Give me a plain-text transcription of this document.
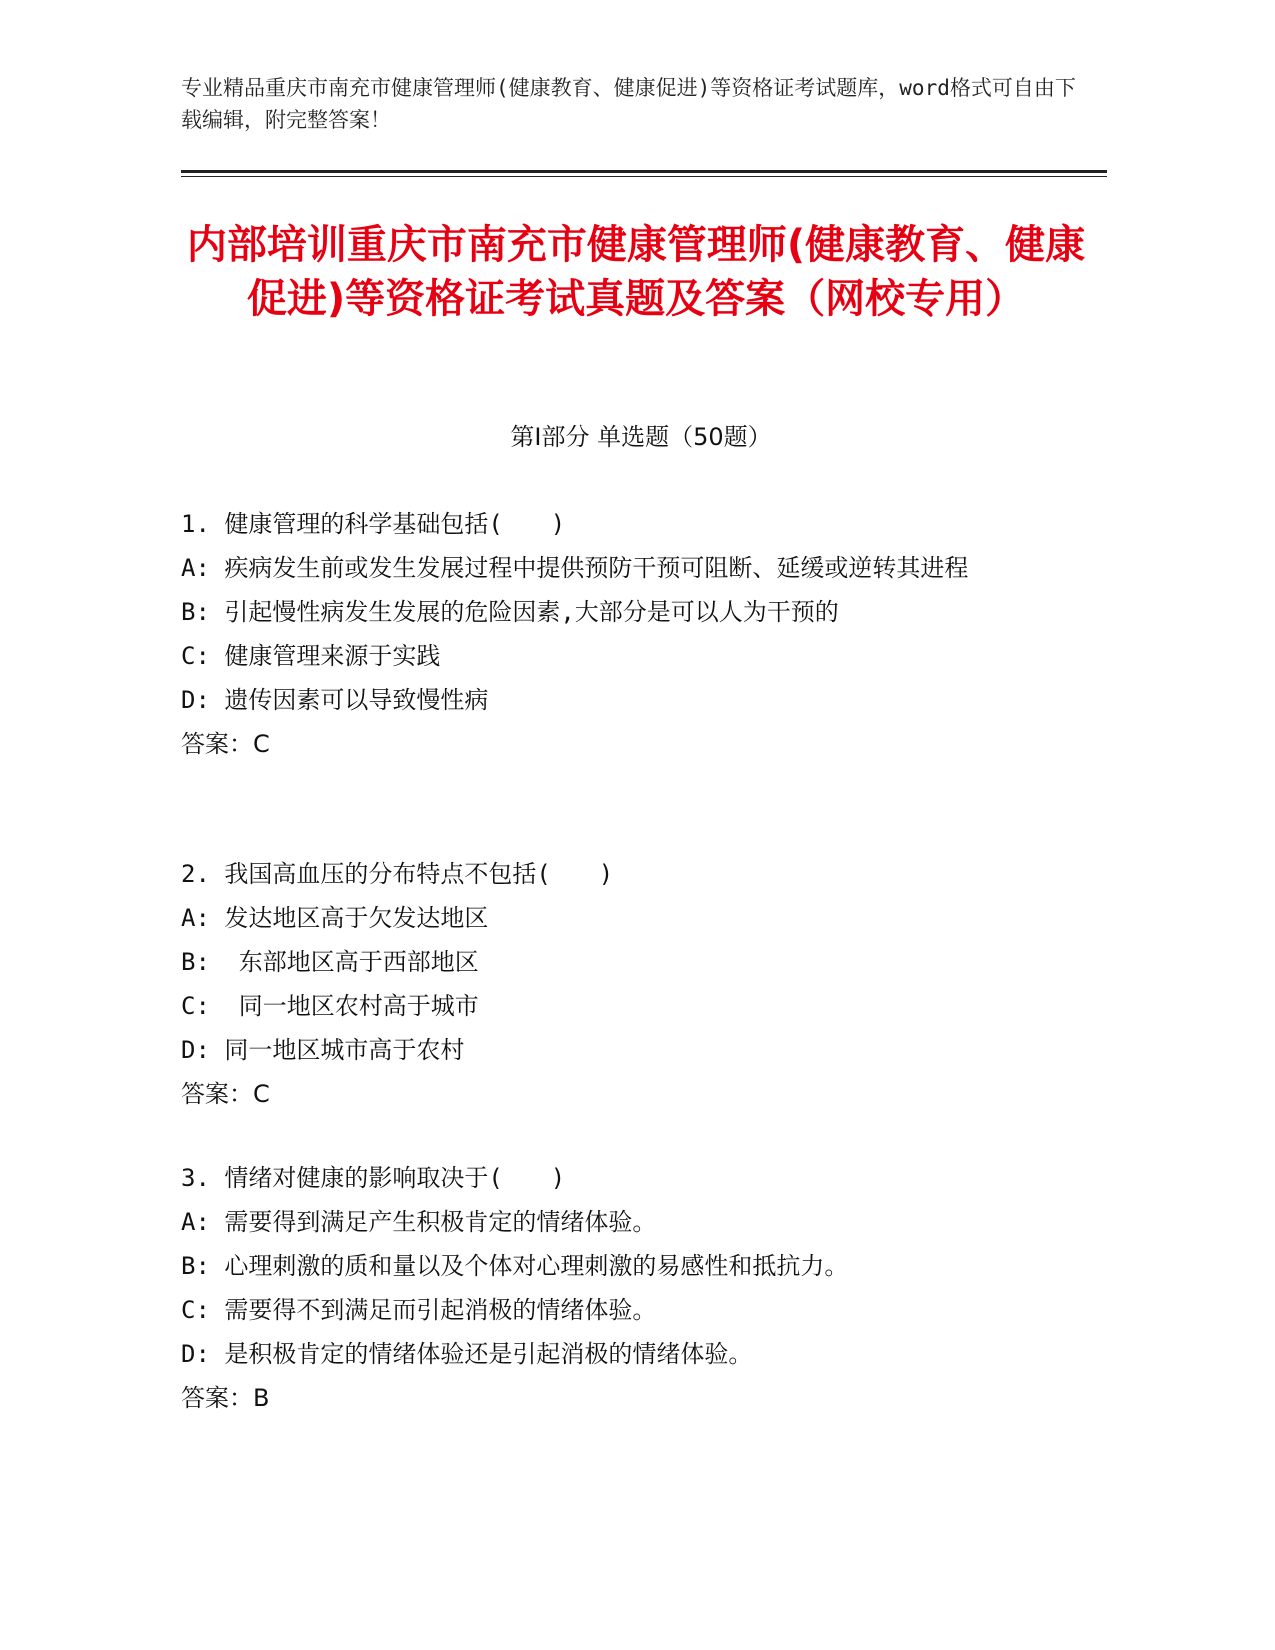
专业精品重庆市南充市健康管理师(健康教育、健康促进)等资格证考试题库，word格式可自由下载编辑，附完整答案！
内部培训重庆市南充市健康管理师(健康教育、健康促进)等资格证考试真题及答案（网校专用）
第Ⅰ部分 单选题（50题）
1. 健康管理的科学基础包括(　　)
A: 疾病发生前或发生发展过程中提供预防干预可阻断、延缓或逆转其进程
B: 引起慢性病发生发展的危险因素,大部分是可以人为干预的
C: 健康管理来源于实践
D: 遗传因素可以导致慢性病
答案：C
2. 我国高血压的分布特点不包括(　　)
A: 发达地区高于欠发达地区
B:  东部地区高于西部地区
C:  同一地区农村高于城市
D: 同一地区城市高于农村
答案：C
3. 情绪对健康的影响取决于(　　)
A: 需要得到满足产生积极肯定的情绪体验。
B: 心理刺激的质和量以及个体对心理刺激的易感性和抵抗力。
C: 需要得不到满足而引起消极的情绪体验。
D: 是积极肯定的情绪体验还是引起消极的情绪体验。
答案：B
